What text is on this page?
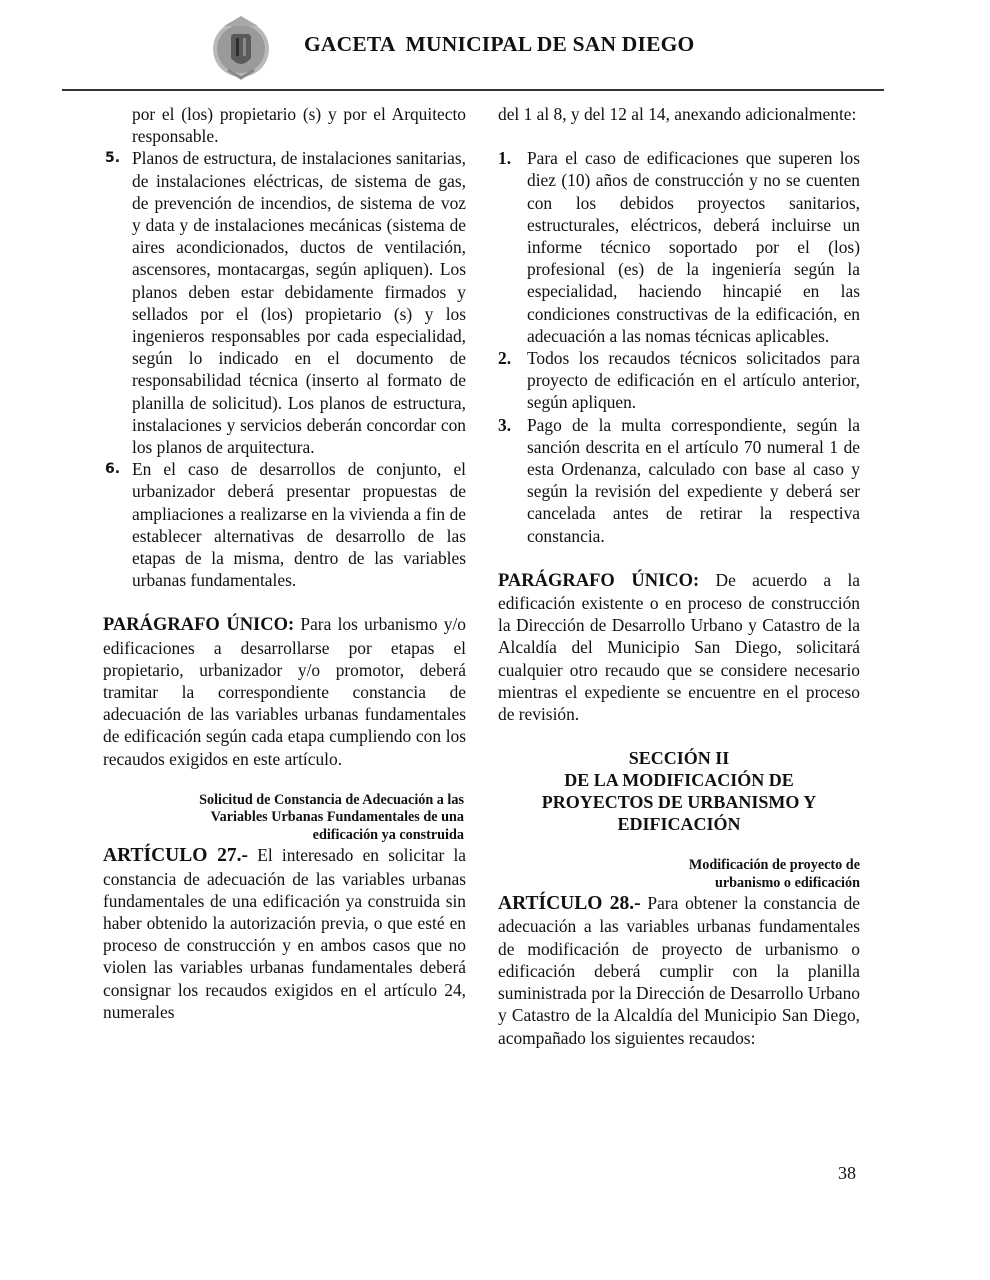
GACETA  MUNICIPAL DE SAN DIEGO

por el (los) propietario (s) y por el Arquitecto responsable.

5. Planos de estructura, de instalaciones sanitarias, de instalaciones eléctricas, de sistema de gas, de prevención de incendios, de sistema de voz y data y de instalaciones mecánicas (sistema de aires acondicionados, ductos de ventilación, ascensores, montacargas, según apliquen). Los planos deben estar debidamente firmados y sellados por el (los) propietario (s) y los ingenieros responsables por cada especialidad, según lo indicado en el documento de responsabilidad técnica (inserto al formato de planilla de solicitud). Los planos de estructura, instalaciones y servicios deberán concordar con los planos de arquitectura.
6. En el caso de desarrollos de conjunto, el urbanizador deberá presentar propuestas de ampliaciones a realizarse en la vivienda a fin de establecer alternativas de desarrollo de las etapas de la misma, dentro de las variables urbanas fundamentales.

PARÁGRAFO ÚNICO: Para los urbanismo y/o edificaciones a desarrollarse por etapas el propietario, urbanizador y/o promotor, deberá tramitar la correspondiente constancia de adecuación de las variables urbanas fundamentales de edificación según cada etapa cumpliendo con los recaudos exigidos en este artículo.

Solicitud de Constancia de Adecuación a las
Variables Urbanas Fundamentales de una
edificación ya construida

ARTÍCULO 27.- El interesado en solicitar la constancia de adecuación de las variables urbanas fundamentales de una edificación ya construida sin haber obtenido la autorización previa, o que esté en proceso de construcción y en ambos casos que no violen las variables urbanas fundamentales deberá consignar los recaudos exigidos en el artículo 24, numerales

del 1 al 8, y del 12 al 14, anexando adicionalmente:

1. Para el caso de edificaciones que superen los diez (10) años de construcción y no se cuenten con los debidos proyectos sanitarios, estructurales, eléctricos, deberá incluirse un informe técnico soportado por el (los) profesional (es) de la ingeniería según la especialidad, haciendo hincapié en las condiciones constructivas de la edificación, en adecuación a las nomas técnicas aplicables.
2. Todos los recaudos técnicos solicitados para proyecto de edificación en el artículo anterior, según apliquen.
3. Pago de la multa correspondiente, según la sanción descrita en el artículo 70 numeral 1 de esta Ordenanza, calculado con base al caso y según la revisión del expediente y deberá ser cancelada antes de retirar la respectiva constancia.

PARÁGRAFO ÚNICO: De acuerdo a la edificación existente o en proceso de construcción la Dirección de Desarrollo Urbano y Catastro de la Alcaldía del Municipio San Diego, solicitará cualquier otro recaudo que se considere necesario mientras el expediente se encuentre en el proceso de revisión.

SECCIÓN II
DE LA MODIFICACIÓN DE
PROYECTOS DE URBANISMO Y
EDIFICACIÓN
Modificación de proyecto de
urbanismo o edificación

ARTÍCULO 28.- Para obtener la constancia de adecuación a las variables urbanas fundamentales de modificación de proyecto de urbanismo o edificación deberá cumplir con la planilla suministrada por la Dirección de Desarrollo Urbano y Catastro de la Alcaldía del Municipio San Diego, acompañado los siguientes recaudos:

38
